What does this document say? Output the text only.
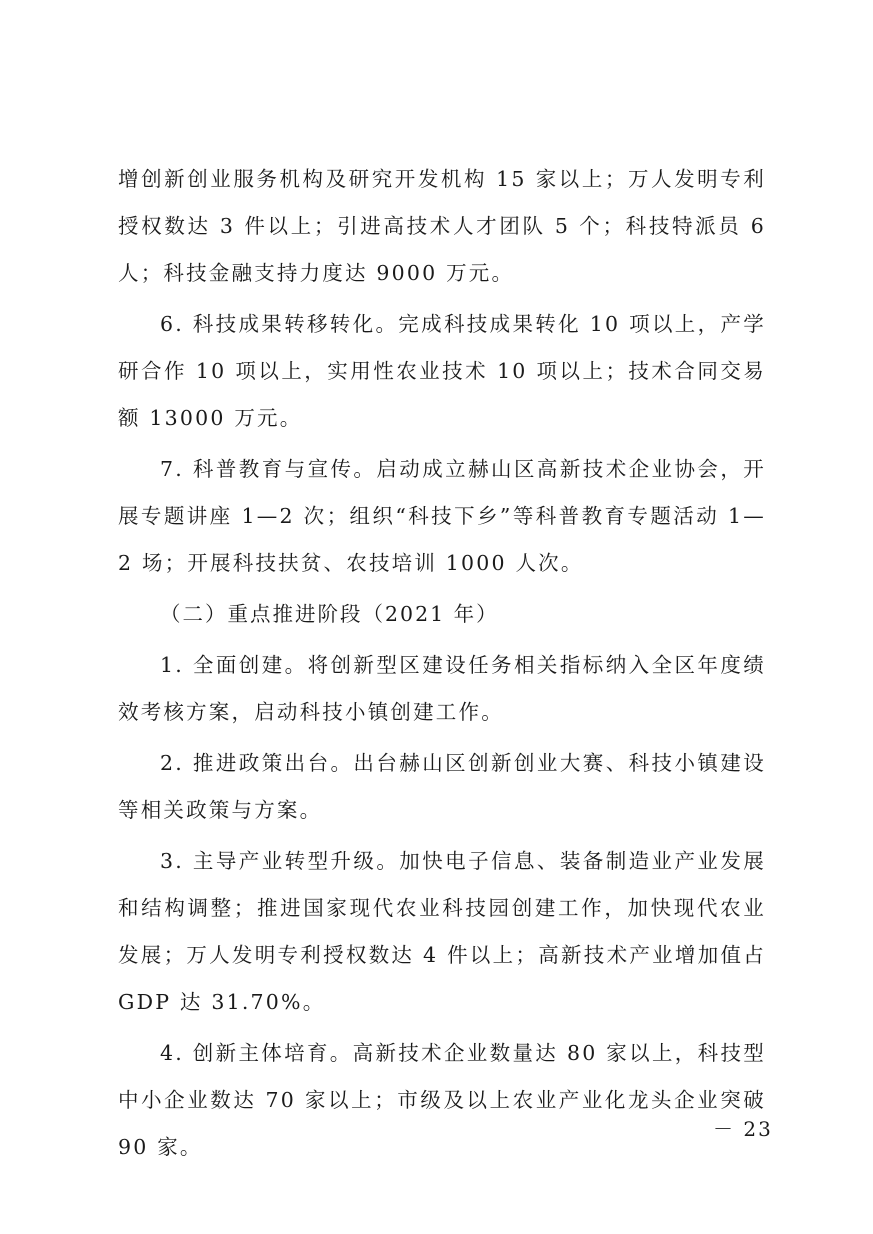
增创新创业服务机构及研究开发机构 15 家以上；万人发明专利授权数达 3 件以上；引进高技术人才团队 5 个；科技特派员 6 人；科技金融支持力度达 9000 万元。

6. 科技成果转移转化。完成科技成果转化 10 项以上，产学研合作 10 项以上，实用性农业技术 10 项以上；技术合同交易额 13000 万元。

7. 科普教育与宣传。启动成立赫山区高新技术企业协会，开展专题讲座 1—2 次；组织“科技下乡”等科普教育专题活动 1—2 场；开展科技扶贫、农技培训 1000 人次。

（二）重点推进阶段（2021 年）

1. 全面创建。将创新型区建设任务相关指标纳入全区年度绩效考核方案，启动科技小镇创建工作。

2. 推进政策出台。出台赫山区创新创业大赛、科技小镇建设等相关政策与方案。

3. 主导产业转型升级。加快电子信息、装备制造业产业发展和结构调整；推进国家现代农业科技园创建工作，加快现代农业发展；万人发明专利授权数达 4 件以上；高新技术产业增加值占 GDP 达 31.70%。

4. 创新主体培育。高新技术企业数量达 80 家以上，科技型中小企业数达 70 家以上；市级及以上农业产业化龙头企业突破 90 家。

－ 23
